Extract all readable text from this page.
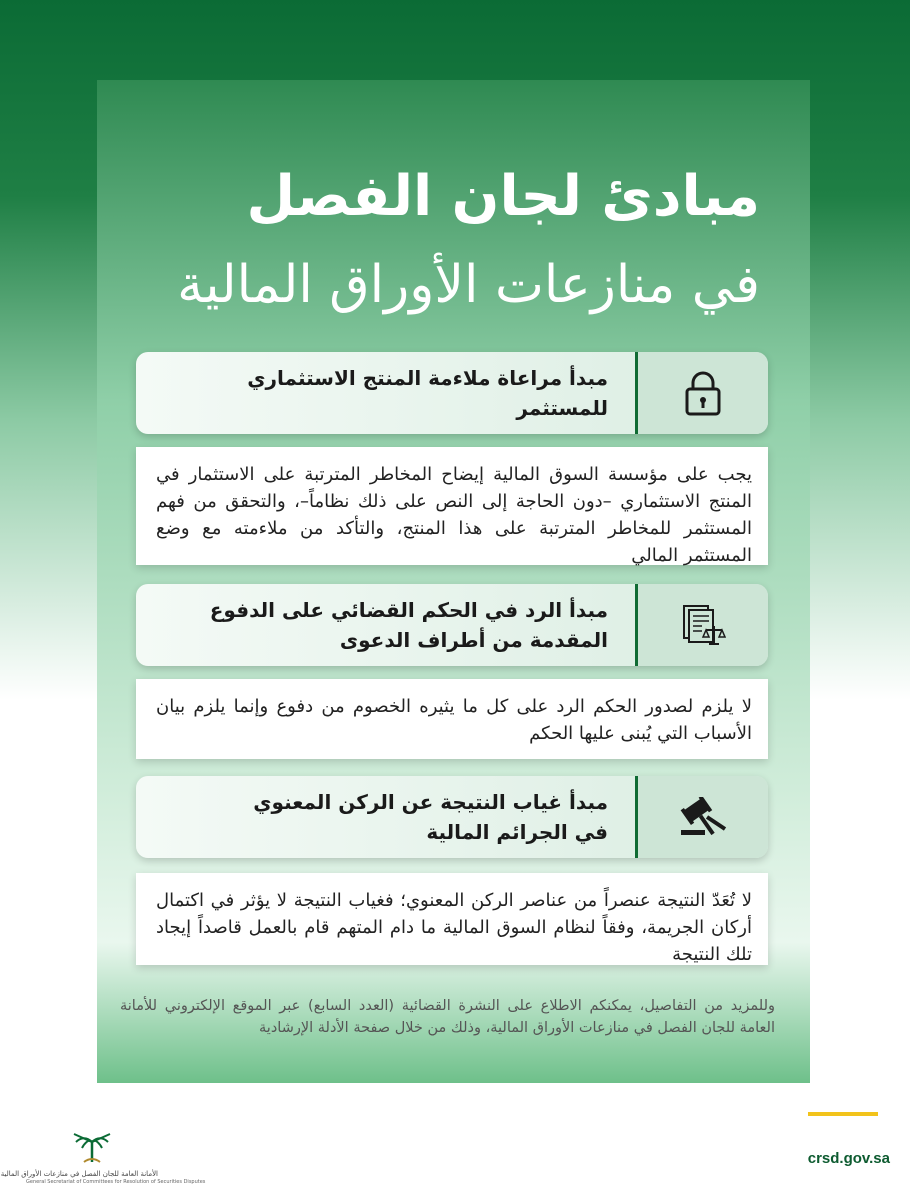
مبادئ لجان الفصل
في منازعات الأوراق المالية
مبدأ مراعاة ملاءمة المنتج الاستثماري للمستثمر
يجب على مؤسسة السوق المالية إيضاح المخاطر المترتبة على الاستثمار في المنتج الاستثماري –دون الحاجة إلى النص على ذلك نظاماً–، والتحقق من فهم المستثمر للمخاطر المترتبة على هذا المنتج، والتأكد من ملاءمته مع وضع المستثمر المالي
مبدأ الرد في الحكم القضائي على الدفوع
المقدمة من أطراف الدعوى
لا يلزم لصدور الحكم الرد على كل ما يثيره الخصوم من دفوع وإنما يلزم بيان الأسباب التي يُبنى عليها الحكم
مبدأ غياب النتيجة عن الركن المعنوي
في الجرائم المالية
لا تُعَدّ النتيجة عنصراً من عناصر الركن المعنوي؛ فغياب النتيجة لا يؤثر في اكتمال أركان الجريمة، وفقاً لنظام السوق المالية ما دام المتهم قام بالعمل قاصداً إيجاد تلك النتيجة
وللمزيد من التفاصيل، يمكنكم الاطلاع على النشرة القضائية (العدد السابع) عبر الموقع الإلكتروني للأمانة العامة للجان الفصل في منازعات الأوراق المالية، وذلك من خلال صفحة الأدلة الإرشادية
crsd.gov.sa
الأمانة العامة للجان الفصل في منازعات الأوراق المالية
General Secretariat of Committees for Resolution of Securities Disputes
